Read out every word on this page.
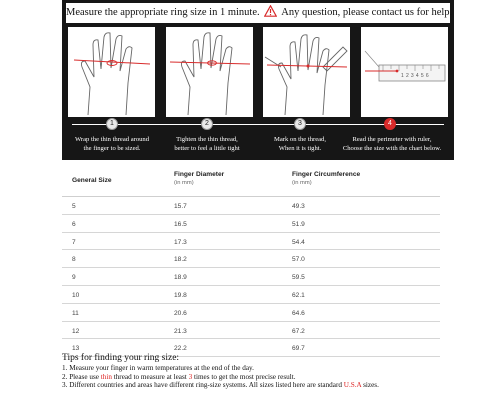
Measure the appropriate ring size in 1 minute. Any question, please contact us for help.
1 2 3 4 5 6
1	2	3	4
Wrap the thin thread around
the finger to be sized.
Tighten the thin thread,
better to feel a little tight
Mark on the thread,
When it is tight.
Read the perimeter with ruler,
Choose the size with the chart below.
General Size
Finger Diameter
(in mm)
Finger Circumference
(in mm)
5	15.7	49.3
6	16.5	51.9
7	17.3	54.4
8	18.2	57.0
9	18.9	59.5
10	19.8	62.1
11	20.6	64.6
12	21.3	67.2
13	22.2	69.7
Tips for finding your ring size:
1. Measure your finger in warm temperatures at the end of the day.
2. Please use thin thread to measure at least 3 times to get the most precise result.
3. Different countries and areas have different ring-size systems. All sizes listed here are standard U.S.A sizes.
